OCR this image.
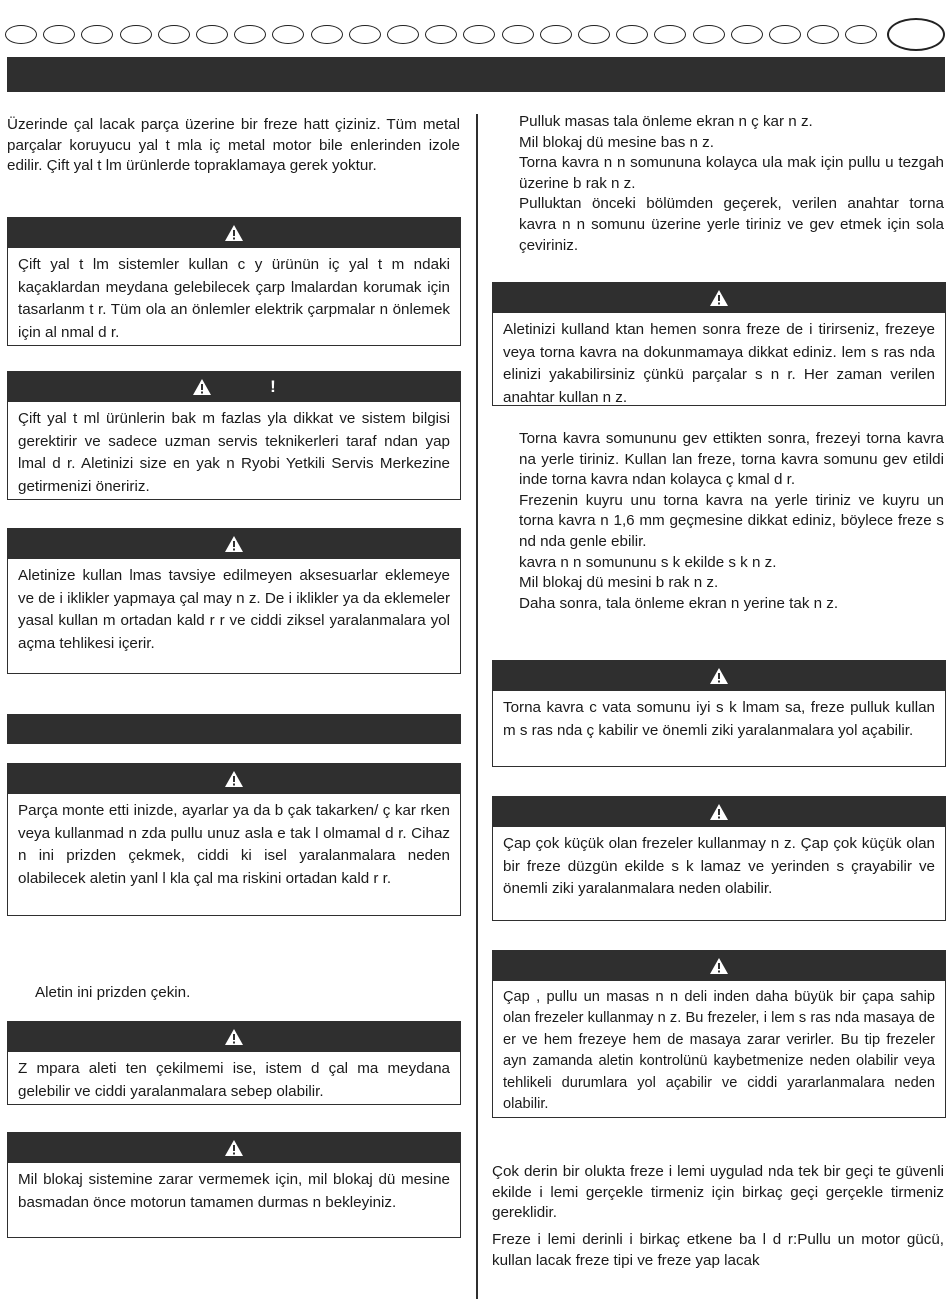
Üzerinde çal lacak parça üzerine bir freze hatt çiziniz. Tüm metal parçalar koruyucu yal t mla iç metal motor bile enlerinden izole edilir. Çift yal t lm ürünlerde topraklamaya gerek yoktur.

Çift yal t lm sistemler kullan c y ürünün iç yal t m ndaki kaçaklardan meydana gelebilecek çarp lmalardan korumak için tasarlanm t r. Tüm ola an önlemler elektrik çarpmalar n önlemek için al nmal d r.
!
Çift yal t ml ürünlerin bak m fazlas yla dikkat ve sistem bilgisi gerektirir ve sadece uzman servis teknikerleri taraf ndan yap lmal d r. Aletinizi size en yak n Ryobi Yetkili Servis Merkezine getirmenizi öneririz.
Aletinize kullan lmas tavsiye edilmeyen aksesuarlar eklemeye ve de i iklikler yapmaya çal may n z. De i iklikler ya da eklemeler yasal kullan m ortadan kald r r ve ciddi ziksel yaralanmalara yol açma tehlikesi içerir.
Parça monte etti inizde, ayarlar ya da b çak takarken/ ç kar rken veya kullanmad n zda pullu unuz asla e tak l olmamal d r. Cihaz n ini prizden çekmek, ciddi ki isel yaralanmalara neden olabilecek aletin yanl l kla çal ma riskini ortadan kald r r.

Aletin ini prizden çekin.

Z mpara aleti ten çekilmemi ise, istem d çal ma meydana gelebilir ve ciddi yaralanmalara sebep olabilir.
Mil blokaj sistemine zarar vermemek için, mil blokaj dü mesine basmadan önce motorun tamamen durmas n bekleyiniz.
Pulluk masas tala önleme ekran n ç kar n z.
Mil blokaj dü mesine bas n z.
Torna kavra n n somununa kolayca ula mak için pullu u tezgah üzerine b rak n z.
Pulluktan önceki bölümden geçerek, verilen anahtar torna kavra n n somunu üzerine yerle tiriniz ve gev etmek için sola çeviriniz.
Aletinizi kulland ktan hemen sonra freze de i tirirseniz, frezeye veya torna kavra na dokunmamaya dikkat ediniz. lem s ras nda elinizi yakabilirsiniz çünkü parçalar s n r. Her zaman verilen anahtar kullan n z.
Torna kavra somununu gev ettikten sonra, frezeyi torna kavra na yerle tiriniz. Kullan lan freze, torna kavra somunu gev etildi inde torna kavra ndan kolayca ç kmal d r.
Frezenin kuyru unu torna kavra na yerle tiriniz ve kuyru un torna kavra n 1,6 mm geçmesine dikkat ediniz, böylece freze s nd nda genle ebilir.
kavra n n somununu s k ekilde s k n z.
Mil blokaj dü mesini b rak n z.
Daha sonra, tala önleme ekran n yerine tak n z.
Torna kavra c vata somunu iyi s k lmam sa, freze pulluk kullan m s ras nda ç kabilir ve önemli ziki yaralanmalara yol açabilir.
Çap çok küçük olan frezeler kullanmay n z. Çap çok küçük olan bir freze düzgün ekilde s k lamaz ve yerinden s çrayabilir ve önemli ziki yaralanmalara neden olabilir.
Çap , pullu un masas n n deli inden daha büyük bir çapa sahip olan frezeler kullanmay n z. Bu frezeler, i lem s ras nda masaya de er ve hem frezeye hem de masaya zarar verirler. Bu tip frezeler ayn zamanda aletin kontrolünü kaybetmenize neden olabilir veya tehlikeli durumlara yol açabilir ve ciddi yararlanmalara neden olabilir.

Çok derin bir olukta freze i lemi uygulad nda tek bir geçi te güvenli ekilde i lemi gerçekle tirmeniz için birkaç geçi gerçekle tirmeniz gereklidir.

Freze i lemi derinli i birkaç etkene ba l d r:Pullu un motor gücü, kullan lacak freze tipi ve freze yap lacak
